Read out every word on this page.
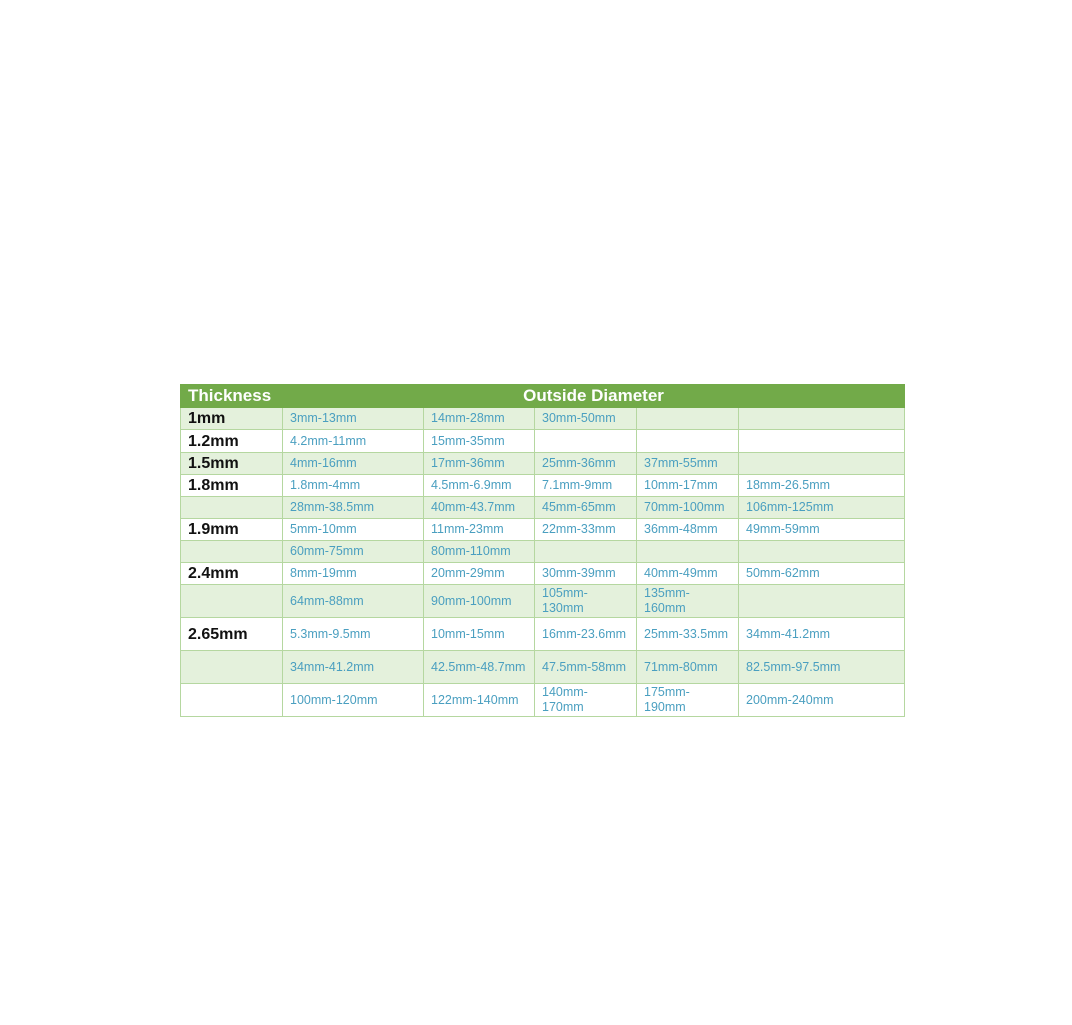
Thickness	Outside Diameter				
1mm	3mm-13mm	14mm-28mm	30mm-50mm		
1.2mm	4.2mm-11mm	15mm-35mm			
1.5mm	4mm-16mm	17mm-36mm	25mm-36mm	37mm-55mm	
1.8mm	1.8mm-4mm	4.5mm-6.9mm	7.1mm-9mm	10mm-17mm	18mm-26.5mm
	28mm-38.5mm	40mm-43.7mm	45mm-65mm	70mm-100mm	106mm-125mm
1.9mm	5mm-10mm	11mm-23mm	22mm-33mm	36mm-48mm	49mm-59mm
	60mm-75mm	80mm-110mm			
2.4mm	8mm-19mm	20mm-29mm	30mm-39mm	40mm-49mm	50mm-62mm
	64mm-88mm	90mm-100mm	105mm-130mm	135mm-160mm	
2.65mm	5.3mm-9.5mm	10mm-15mm	16mm-23.6mm	25mm-33.5mm	34mm-41.2mm
	34mm-41.2mm	42.5mm-48.7mm	47.5mm-58mm	71mm-80mm	82.5mm-97.5mm
	100mm-120mm	122mm-140mm	140mm-170mm	175mm-190mm	200mm-240mm
